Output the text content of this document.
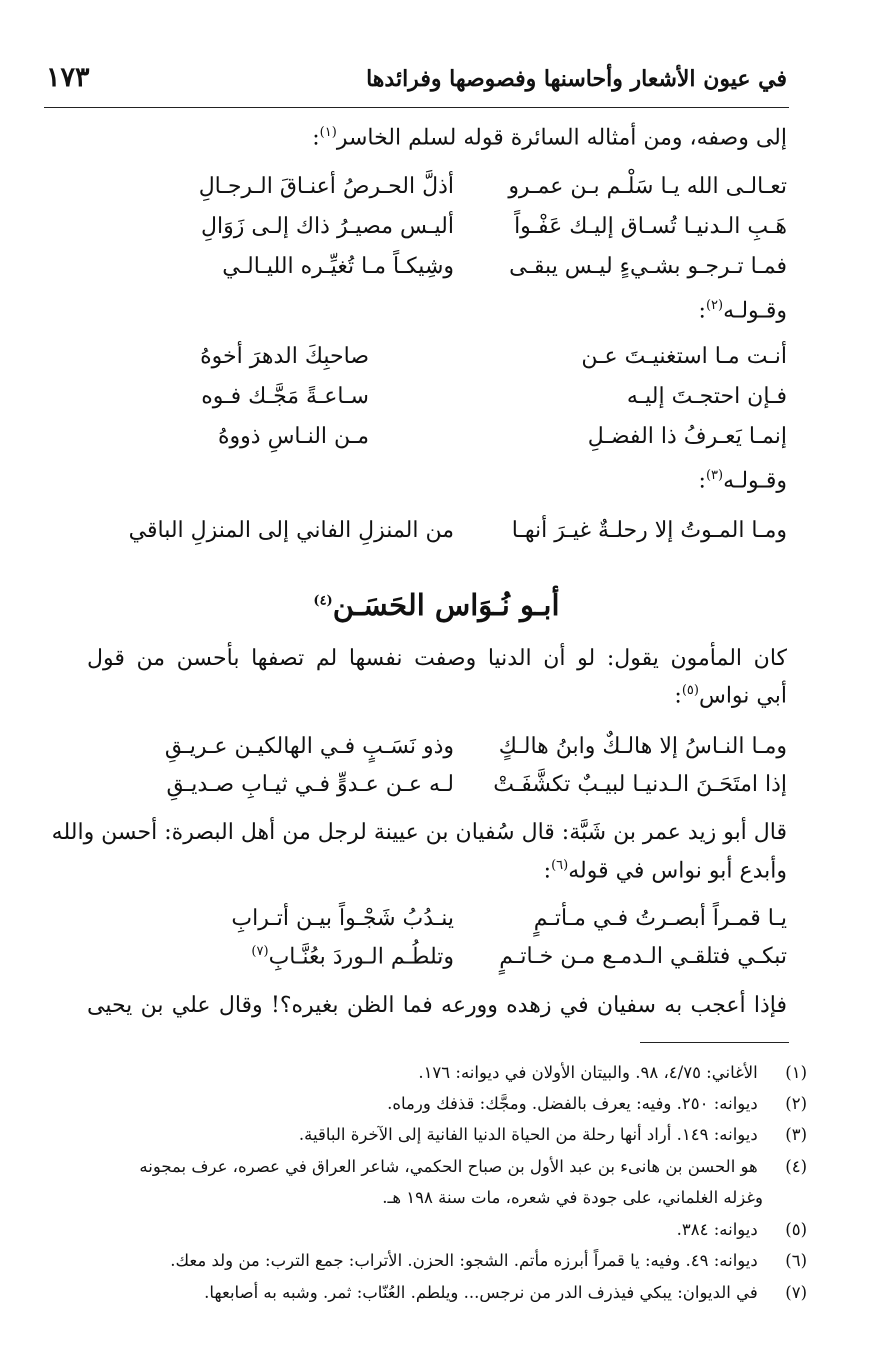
في عيون الأشعار وأحاسنها وفصوصها وفرائدها
١٧٣
إلى وصفه، ومن أمثاله السائرة قوله لسلم الخاسر$^{(١)}$:
تعـالـى الله يـا سَلْـم بـن عمـرو
أذلَّ الحـرصُ أعنـاقَ الـرجـالِ
هَـبِ الـدنيـا تُسـاق إليـك عَفْـواً
أليـس مصيـرُ ذاك إلـى زَوَالِ
فمـا تـرجـو بشـيءٍ ليـس يبقـى
وشِيكـاً مـا تُغيِّـره الليـالـي
وقـولـه$^{(٢)}$:
أنـت مـا استغنيـتَ عـن
صاحبِكَ الدهرَ أخوهُ
فـإن احتجـتَ إليـه
سـاعـةً مَجَّـك فـوه
إنمـا يَعـرفُ ذا الفضـلِ
مـن النـاسِ ذووهُ
وقـولـه$^{(٣)}$:
ومـا المـوتُ إلا رحلـةٌ غيـرَ أنهـا
من المنزلِ الفاني إلى المنزلِ الباقي
أبـو نُـوَاس الحَسَـن$^{(٤)}$
كان المأمون يقول: لو أن الدنيا وصفت نفسها لم تصفها بأحسن من قول
أبي نواس$^{(٥)}$:
ومـا النـاسُ إلا هالـكٌ وابنُ هالـكٍ
وذو نَسَـبٍ فـي الهالكيـن عـريـقِ
إذا امتَحَـنَ الـدنيـا لبيـبٌ تكشَّفَـتْ
لـه عـن عـدوٍّ فـي ثيـابِ صـديـقِ
قال أبو زيد عمر بن شَبَّة: قال سُفيان بن عيينة لرجل من أهل البصرة: أحسن والله
وأبدع أبو نواس في قوله$^{(٦)}$:
يـا قمـراً أبصـرتُ فـي مـأتـمٍ
ينـدُبُ شَجْـواً بيـن أتـرابِ
تبكـي فتلقـي الـدمـع مـن خـاتـمٍ
وتلطُـم الـوردَ بعُنَّـابِ$^{(٧)}$
فإذا أعجب به سفيان في زهده وورعه فما الظن بغيره؟! وقال علي بن يحيى
(١) الأغاني: ٤/٧٥، ٩٨. والبيتان الأولان في ديوانه: ١٧٦.
(٢) ديوانه: ٢٥٠. وفيه: يعرف بالفضل. ومجَّك: قذفك ورماه.
(٣) ديوانه: ١٤٩. أراد أنها رحلة من الحياة الدنيا الفانية إلى الآخرة الباقية.
(٤) هو الحسن بن هانىء بن عبد الأول بن صباح الحكمي، شاعر العراق في عصره، عرف بمجونه
وغزله الغلماني، على جودة في شعره، مات سنة ١٩٨ هـ.
(٥) ديوانه: ٣٨٤.
(٦) ديوانه: ٤٩. وفيه: يا قمراً أبرزه مأتم. الشجو: الحزن. الأتراب: جمع الترب: من ولد معك.
(٧) في الديوان: يبكي فيذرف الدر من نرجس... ويلطم. العُنّاب: ثمر. وشبه به أصابعها.
